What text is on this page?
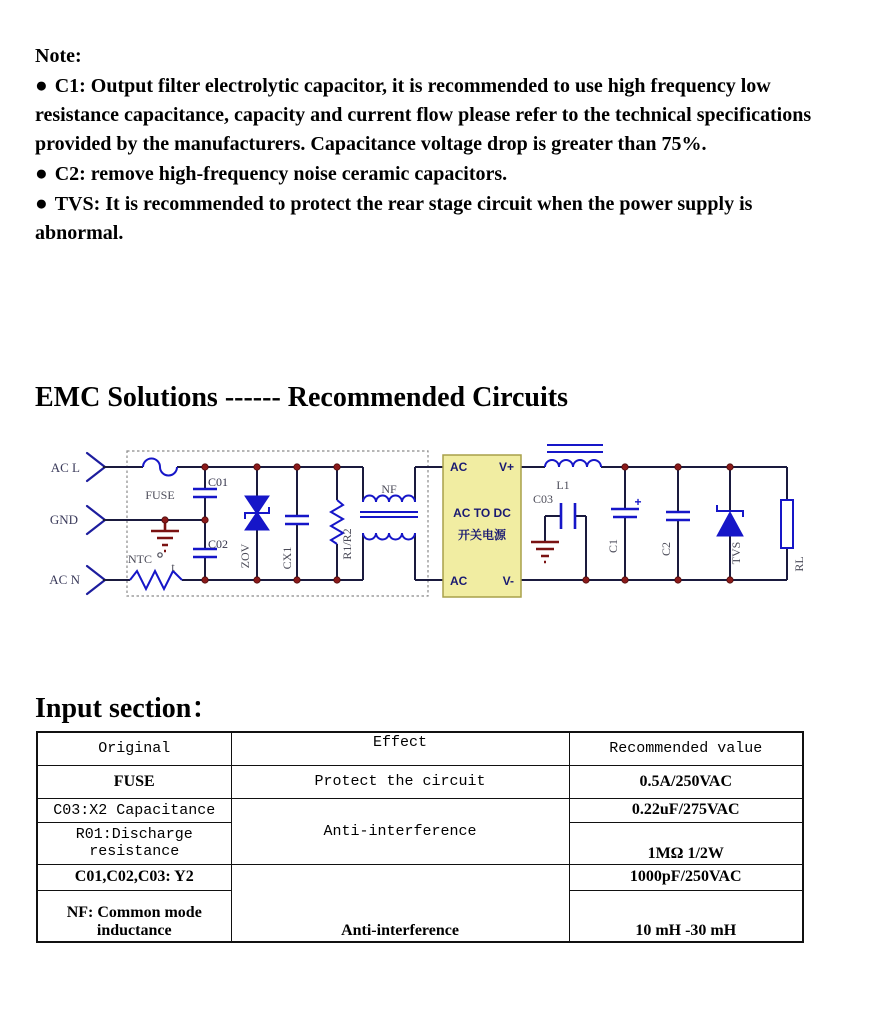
Note:

● C1: Output filter electrolytic capacitor, it is recommended to use high frequency low resistance capacitance, capacity and current flow please refer to the technical specifications provided by the manufacturers. Capacitance voltage drop is greater than 75%.

● C2: remove high-frequency noise ceramic capacitors.

● TVS: It is recommended to protect the rear stage circuit when the power supply is abnormal.

EMC Solutions ------ Recommended Circuits
AC L
GND
AC N
FUSE
NTC
t
C01
C02 ZOV CX1	R1/R2
NF
AC	V+
AC TO DC
开关电源
AC	V-
L1
C03	+
C1	C2	TVS	RL
Input section：
Original	Effect	Recommended value
FUSE	Protect the circuit	0.5A/250VAC
C03:X2 Capacitance	Anti-interference	0.22uF/275VAC
R01:Discharge resistance		1MΩ 1/2W
C01,C02,C03: Y2	Anti-interference	1000pF/250VAC
NF: Common mode inductance		10 mH -30 mH
